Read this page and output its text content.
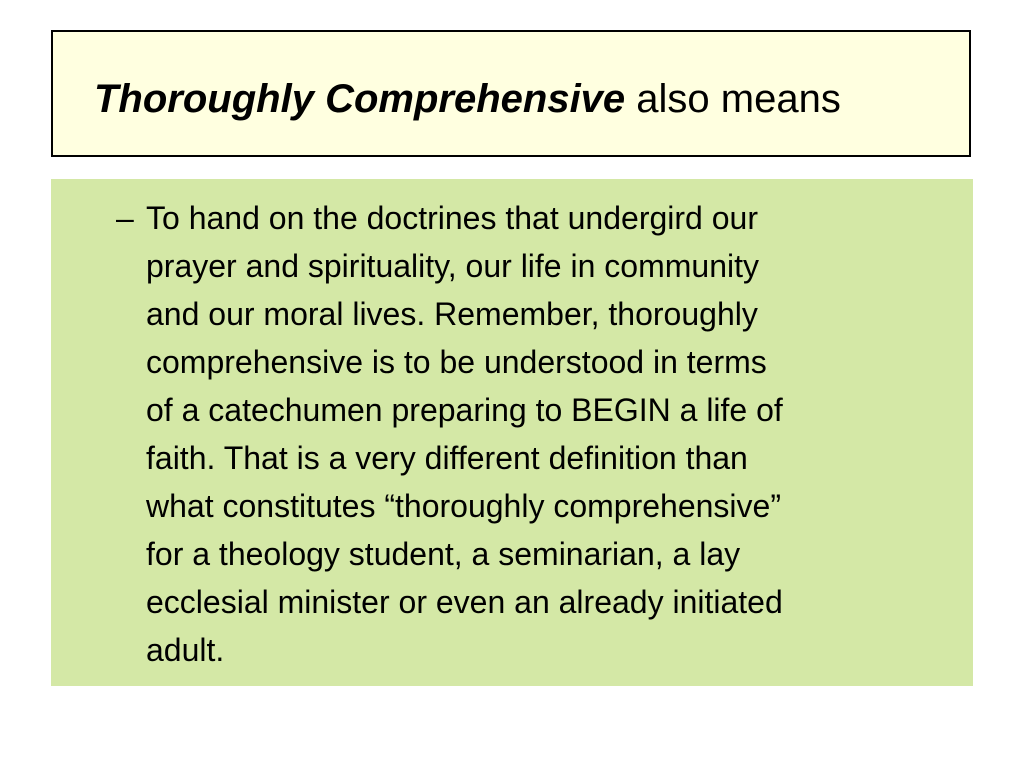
Thoroughly Comprehensive also means
– To hand on the doctrines that undergird our
prayer and spirituality, our life in community
and our moral lives. Remember, thoroughly
comprehensive is to be understood in terms
of a catechumen preparing to BEGIN a life of
faith. That is a very different definition than
what constitutes “thoroughly comprehensive”
for a theology student, a seminarian, a lay
ecclesial minister or even an already initiated
adult.
